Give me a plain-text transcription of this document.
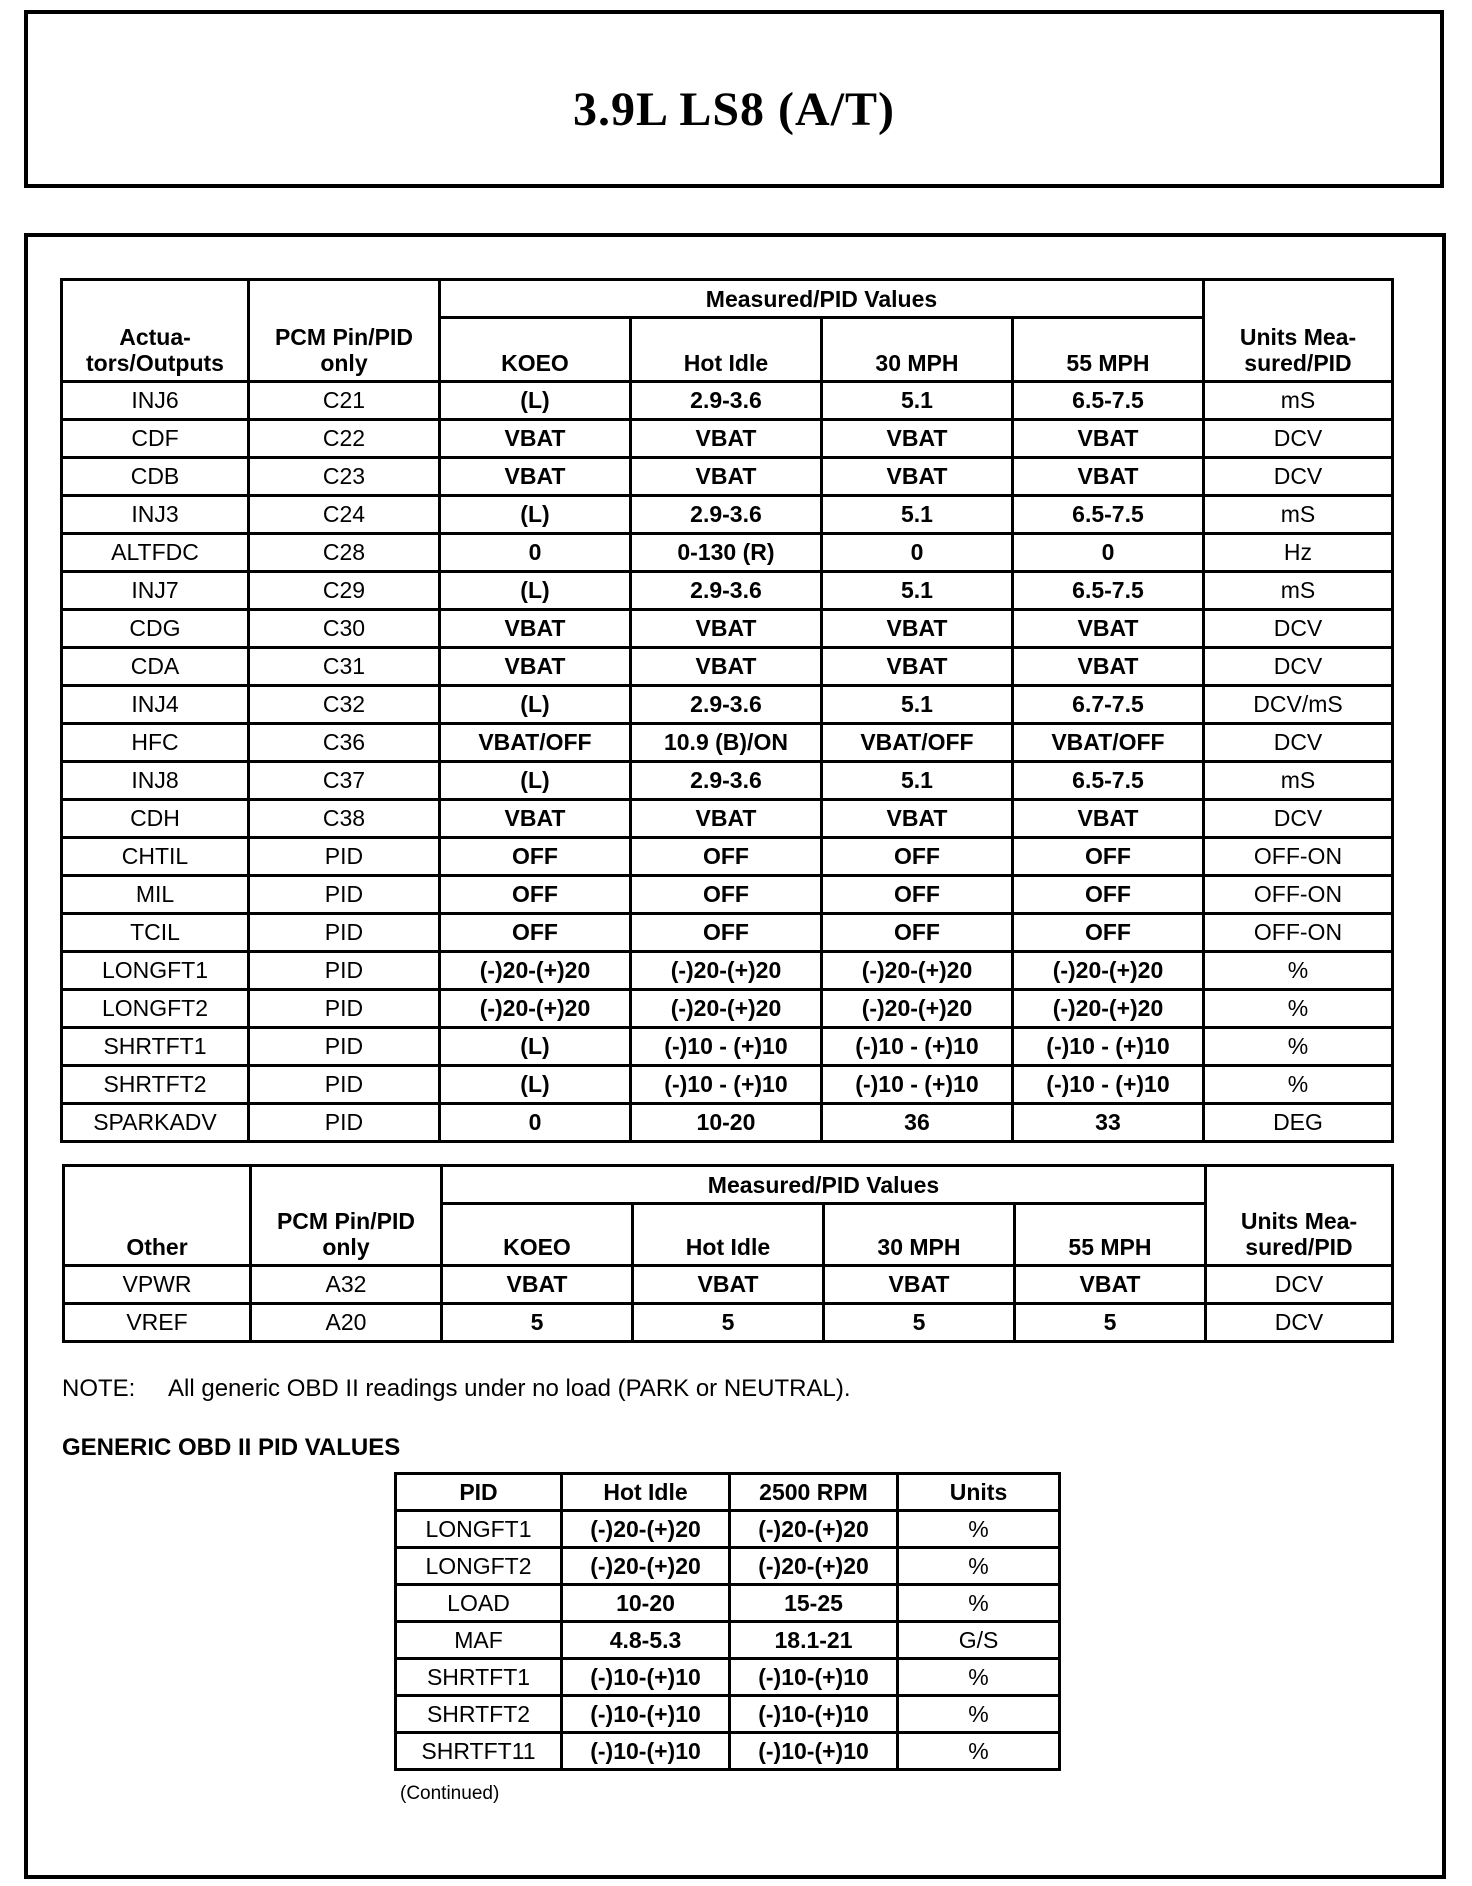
3.9L LS8 (A/T)
Actua-tors/Outputs	PCM Pin/PID only	Measured/PID Values				Units Mea-sured/PID
		KOEO	Hot Idle	30 MPH	55 MPH	
INJ6	C21	(L)	2.9-3.6	5.1	6.5-7.5	mS
CDF	C22	VBAT	VBAT	VBAT	VBAT	DCV
CDB	C23	VBAT	VBAT	VBAT	VBAT	DCV
INJ3	C24	(L)	2.9-3.6	5.1	6.5-7.5	mS
ALTFDC	C28	0	0-130 (R)	0	0	Hz
INJ7	C29	(L)	2.9-3.6	5.1	6.5-7.5	mS
CDG	C30	VBAT	VBAT	VBAT	VBAT	DCV
CDA	C31	VBAT	VBAT	VBAT	VBAT	DCV
INJ4	C32	(L)	2.9-3.6	5.1	6.7-7.5	DCV/mS
HFC	C36	VBAT/OFF	10.9 (B)/ON	VBAT/OFF	VBAT/OFF	DCV
INJ8	C37	(L)	2.9-3.6	5.1	6.5-7.5	mS
CDH	C38	VBAT	VBAT	VBAT	VBAT	DCV
CHTIL	PID	OFF	OFF	OFF	OFF	OFF-ON
MIL	PID	OFF	OFF	OFF	OFF	OFF-ON
TCIL	PID	OFF	OFF	OFF	OFF	OFF-ON
LONGFT1	PID	(-)20-(+)20	(-)20-(+)20	(-)20-(+)20	(-)20-(+)20	%
LONGFT2	PID	(-)20-(+)20	(-)20-(+)20	(-)20-(+)20	(-)20-(+)20	%
SHRTFT1	PID	(L)	(-)10 - (+)10	(-)10 - (+)10	(-)10 - (+)10	%
SHRTFT2	PID	(L)	(-)10 - (+)10	(-)10 - (+)10	(-)10 - (+)10	%
SPARKADV	PID	0	10-20	36	33	DEG
Other	PCM Pin/PID only	Measured/PID Values				Units Mea-sured/PID
		KOEO	Hot Idle	30 MPH	55 MPH	
VPWR	A32	VBAT	VBAT	VBAT	VBAT	DCV
VREF	A20	5	5	5	5	DCV
NOTE: All generic OBD II readings under no load (PARK or NEUTRAL).
GENERIC OBD II PID VALUES
PID	Hot Idle	2500 RPM	Units
LONGFT1	(-)20-(+)20	(-)20-(+)20	%
LONGFT2	(-)20-(+)20	(-)20-(+)20	%
LOAD	10-20	15-25	%
MAF	4.8-5.3	18.1-21	G/S
SHRTFT1	(-)10-(+)10	(-)10-(+)10	%
SHRTFT2	(-)10-(+)10	(-)10-(+)10	%
SHRTFT11	(-)10-(+)10	(-)10-(+)10	%
(Continued)
